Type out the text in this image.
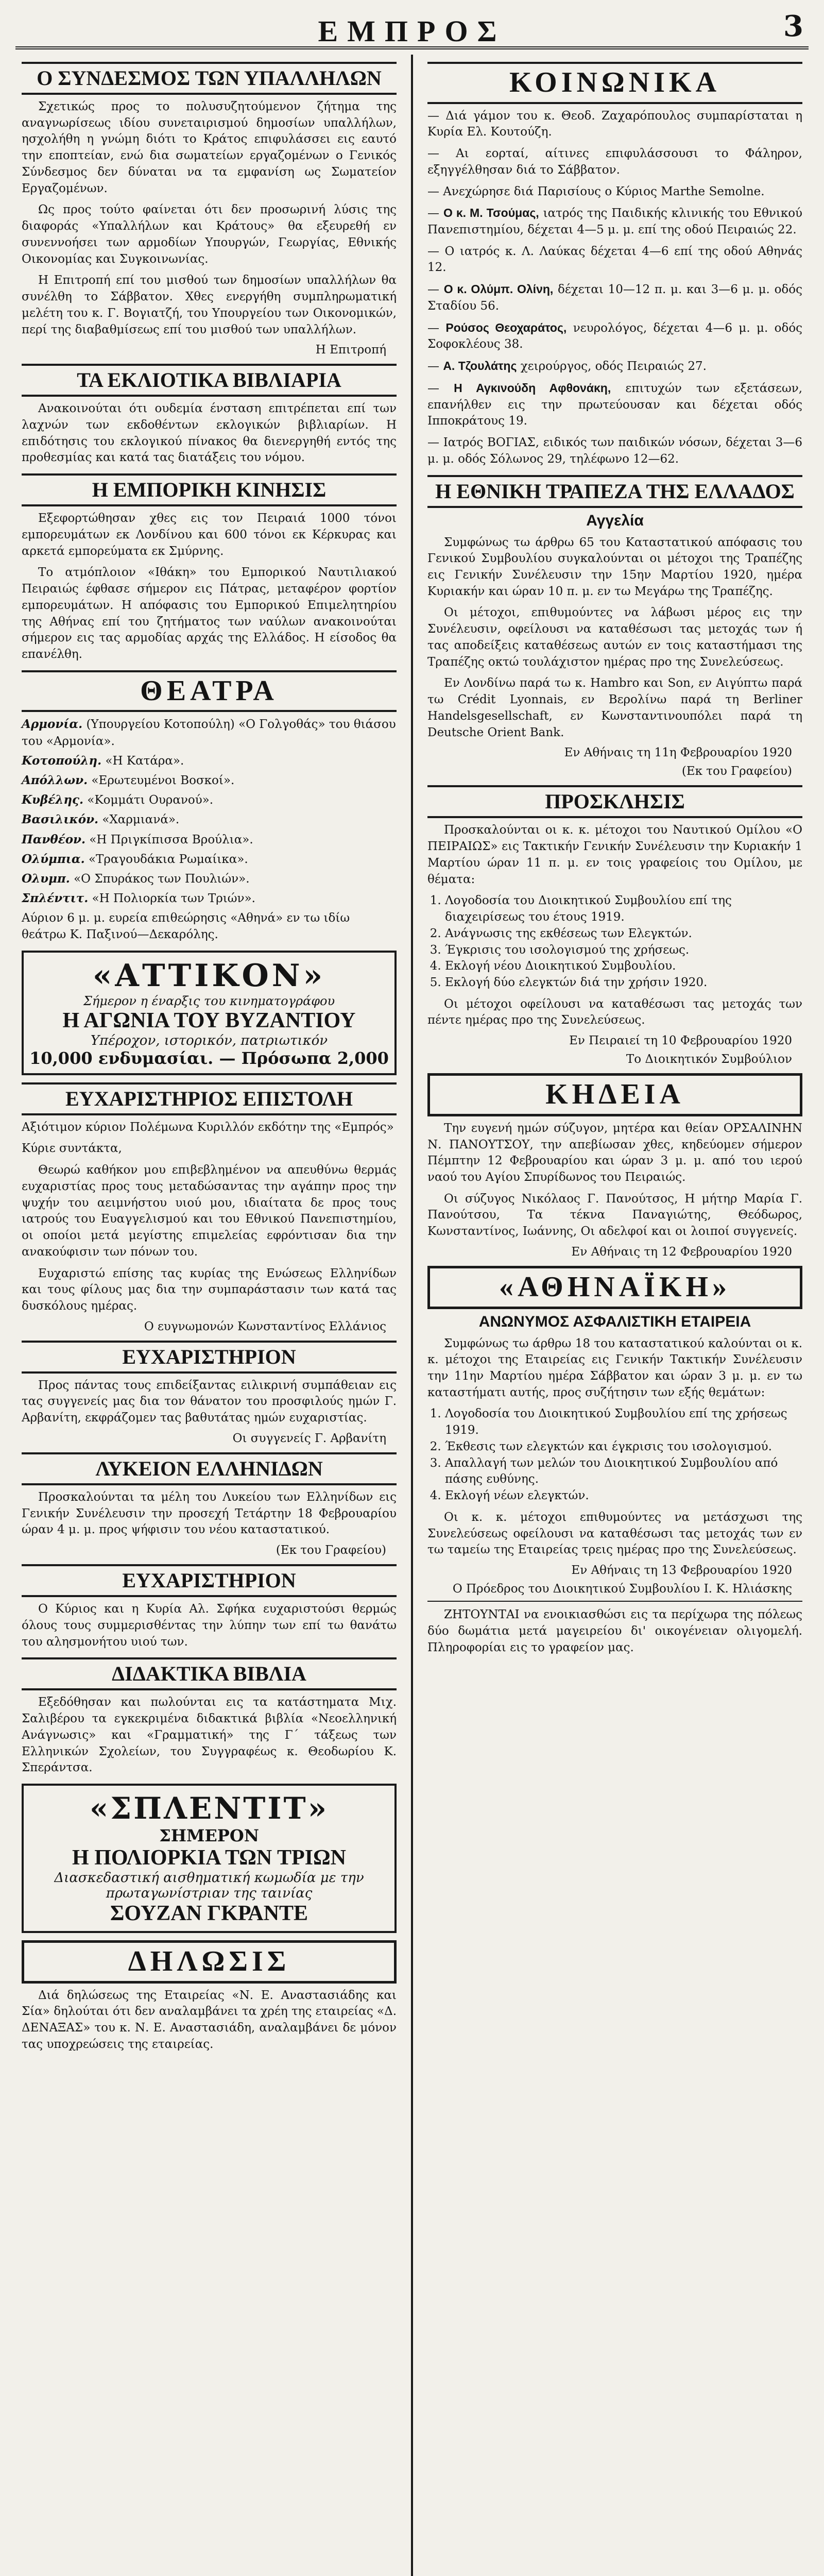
ΕΜΠΡΟΣ	3
Ο ΣΥΝΔΕΣΜΟΣ ΤΩΝ ΥΠΑΛΛΗΛΩΝ

Σχετικώς προς το πολυσυζητούμενον ζήτημα της αναγνωρίσεως ιδίου συνεταιρισμού δημοσίων υπαλλήλων, ησχολήθη η γνώμη διότι το Κράτος επιφυλάσσει εις εαυτό την εποπτείαν, ενώ δια σωματείων εργαζομένων ο Γενικός Σύνδεσμος δεν δύναται να τα εμφανίση ως Σωματείον Εργαζομένων.

Ως προς τούτο φαίνεται ότι δεν προσωρινή λύσις της διαφοράς «Υπαλλήλων και Κράτους» θα εξευρεθή εν συνεννοήσει των αρμοδίων Υπουργών, Γεωργίας, Εθνικής Οικονομίας και Συγκοινωνίας.

Η Επιτροπή επί του μισθού των δημοσίων υπαλλήλων θα συνέλθη το Σάββατον. Χθες ενεργήθη συμπληρωματική μελέτη του κ. Γ. Βογιατζή, του Υπουργείου των Οικονομικών, περί της διαβαθμίσεως επί του μισθού των υπαλλήλων.

Η Επιτροπή
ΤΑ ΕΚΛΙΟΤΙΚΑ ΒΙΒΛΙΑΡΙΑ

Ανακοινούται ότι ουδεμία ένσταση επιτρέπεται επί των λαχνών των εκδοθέντων εκλογικών βιβλιαρίων. Η επιδότησις του εκλογικού πίνακος θα διενεργηθή εντός της προθεσμίας και κατά τας διατάξεις του νόμου.

Η ΕΜΠΟΡΙΚΗ ΚΙΝΗΣΙΣ

Εξεφορτώθησαν χθες εις τον Πειραιά 1000 τόνοι εμπορευμάτων εκ Λονδίνου και 600 τόνοι εκ Κέρκυρας και αρκετά εμπορεύματα εκ Σμύρνης.

Το ατμόπλοιον «Ιθάκη» του Εμπορικού Ναυτιλιακού Πειραιώς έφθασε σήμερον εις Πάτρας, μεταφέρον φορτίον εμπορευμάτων. Η απόφασις του Εμπορικού Επιμελητηρίου της Αθήνας επί του ζητήματος των ναύλων ανακοινούται σήμερον εις τας αρμοδίας αρχάς της Ελλάδος. Η είσοδος θα επανέλθη.

ΘΕΑΤΡΑ
Αρμονία. (Υπουργείου Κοτοπούλη) «Ο Γολγοθάς» του θιάσου του «Αρμονία».
Κοτοπούλη. «Η Κατάρα».
Απόλλων. «Ερωτευμένοι Βοσκοί».
Κυβέλης. «Κομμάτι Ουρανού».
Βασιλικόν. «Χαρμιανά».
Πανθέον. «Η Πριγκίπισσα Βρούλια».
Ολύμπια. «Τραγουδάκια Ρωμαίικα».
Ολυμπ. «Ο Σπυράκος των Πουλιών».
Σπλέντιτ. «Η Πολιορκία των Τριών».
Αύριον 6 μ. μ. ευρεία επιθεώρησις «Αθηνά» εν τω ιδίω θεάτρω Κ. Παξινού—Δεκαρόλης.
«ΑΤΤΙΚΟΝ»
Σήμερον η έναρξις του κινηματογράφου
Η ΑΓΩΝΙΑ ΤΟΥ ΒΥΖΑΝΤΙΟΥ
Υπέροχον, ιστορικόν, πατριωτικόν
10,000 ενδυμασίαι. — Πρόσωπα 2,000
ΕΥΧΑΡΙΣΤΗΡΙΟΣ ΕΠΙΣΤΟΛΗ

Αξιότιμον κύριον Πολέμωνα Κυριλλόν εκδότην της «Εμπρός»

Κύριε συντάκτα,

Θεωρώ καθήκον μου επιβεβλημένον να απευθύνω θερμάς ευχαριστίας προς τους μεταδώσαντας την αγάπην προς την ψυχήν του αειμνήστου υιού μου, ιδιαίτατα δε προς τους ιατρούς του Ευαγγελισμού και του Εθνικού Πανεπιστημίου, οι οποίοι μετά μεγίστης επιμελείας εφρόντισαν δια την ανακούφισιν των πόνων του.

Ευχαριστώ επίσης τας κυρίας της Ενώσεως Ελληνίδων και τους φίλους μας δια την συμπαράστασιν των κατά τας δυσκόλους ημέρας.

Ο ευγνωμονών Κωνσταντίνος Ελλάνιος
ΕΥΧΑΡΙΣΤΗΡΙΟΝ

Προς πάντας τους επιδείξαντας ειλικρινή συμπάθειαν εις τας συγγενείς μας δια τον θάνατον του προσφιλούς ημών Γ. Αρβανίτη, εκφράζομεν τας βαθυτάτας ημών ευχαριστίας.

Οι συγγενείς Γ. Αρβανίτη
ΛΥΚΕΙΟΝ ΕΛΛΗΝΙΔΩΝ

Προσκαλούνται τα μέλη του Λυκείου των Ελληνίδων εις Γενικήν Συνέλευσιν την προσεχή Τετάρτην 18 Φεβρουαρίου ώραν 4 μ. μ. προς ψήφισιν του νέου καταστατικού.

(Εκ του Γραφείου)
ΕΥΧΑΡΙΣΤΗΡΙΟΝ

Ο Κύριος και η Κυρία Αλ. Σφήκα ευχαριστούσι θερμώς όλους τους συμμερισθέντας την λύπην των επί τω θανάτω του αλησμονήτου υιού των.

ΔΙΔΑΚΤΙΚΑ ΒΙΒΛΙΑ

Εξεδόθησαν και πωλούνται εις τα κατάστηματα Μιχ. Σαλιβέρου τα εγκεκριμένα διδακτικά βιβλία «Νεοελληνική Ανάγνωσις» και «Γραμματική» της Γ΄ τάξεως των Ελληνικών Σχολείων, του Συγγραφέως κ. Θεοδωρίου Κ. Σπεράντσα.

«ΣΠΛΕΝΤΙΤ»
ΣΗΜΕΡΟΝ
Η ΠΟΛΙΟΡΚΙΑ ΤΩΝ ΤΡΙΩΝ
Διασκεδαστική αισθηματική κωμωδία με την πρωταγωνίστριαν της ταινίας
ΣΟΥΖΑΝ ΓΚΡΑΝΤΕ
ΔΗΛΩΣΙΣ

Διά δηλώσεως της Εταιρείας «Ν. Ε. Αναστασιάδης και Σία» δηλούται ότι δεν αναλαμβάνει τα χρέη της εταιρείας «Δ. ΔΕΝΑΞΑΣ» του κ. Ν. Ε. Αναστασιάδη, αναλαμβάνει δε μόνον τας υποχρεώσεις της εταιρείας.

ΚΟΙΝΩΝΙΚΑ
— Διά γάμον του κ. Θεοδ. Ζαχαρόπουλος συμπαρίσταται η Κυρία Ελ. Κουτούζη.
— Αι εορταί, αίτινες επιφυλάσσουσι το Φάληρον, εξηγγέλθησαν διά το Σάββατον.
— Ανεχώρησε διά Παρισίους ο Κύριος Marthe Semolne.
— Ο κ. Μ. Τσούμας, ιατρός της Παιδικής κλινικής του Εθνικού Πανεπιστημίου, δέχεται 4—5 μ. μ. επί της οδού Πειραιώς 22.
— Ο ιατρός κ. Λ. Λαύκας δέχεται 4—6 επί της οδού Αθηνάς 12.
— Ο κ. Ολύμπ. Ολίνη, δέχεται 10—12 π. μ. και 3—6 μ. μ. οδός Σταδίου 56.
— Ρούσος Θεοχαράτος, νευρολόγος, δέχεται 4—6 μ. μ. οδός Σοφοκλέους 38.
— Α. Τζουλάτης χειρούργος, οδός Πειραιώς 27.
— Η Αγκινούδη Αφθονάκη, επιτυχών των εξετάσεων, επανήλθεν εις την πρωτεύουσαν και δέχεται οδός Ιπποκράτους 19.
— Ιατρός ΒΟΓΙΑΣ, ειδικός των παιδικών νόσων, δέχεται 3—6 μ. μ. οδός Σόλωνος 29, τηλέφωνο 12—62.
Η ΕΘΝΙΚΗ ΤΡΑΠΕΖΑ ΤΗΣ ΕΛΛΑΔΟΣ
Αγγελία

Συμφώνως τω άρθρω 65 του Καταστατικού απόφασις του Γενικού Συμβουλίου συγκαλούνται οι μέτοχοι της Τραπέζης εις Γενικήν Συνέλευσιν την 15ην Μαρτίου 1920, ημέρα Κυριακήν και ώραν 10 π. μ. εν τω Μεγάρω της Τραπέζης.

Οι μέτοχοι, επιθυμούντες να λάβωσι μέρος εις την Συνέλευσιν, οφείλουσι να καταθέσωσι τας μετοχάς των ή τας αποδείξεις καταθέσεως αυτών εν τοις καταστήμασι της Τραπέζης οκτώ τουλάχιστον ημέρας προ της Συνελεύσεως.

Εν Λονδίνω παρά τω κ. Hambro και Son, εν Αιγύπτω παρά τω Crédit Lyonnais, εν Βερολίνω παρά τη Berliner Handelsgesellschaft, εν Κωνσταντινουπόλει παρά τη Deutsche Orient Bank.

Εν Αθήναις τη 11η Φεβρουαρίου 1920
(Εκ του Γραφείου)
ΠΡΟΣΚΛΗΣΙΣ

Προσκαλούνται οι κ. κ. μέτοχοι του Ναυτικού Ομίλου «Ο ΠΕΙΡΑΙΩΣ» εις Τακτικήν Γενικήν Συνέλευσιν την Κυριακήν 1 Μαρτίου ώραν 11 π. μ. εν τοις γραφείοις του Ομίλου, με θέματα:

1. Λογοδοσία του Διοικητικού Συμβουλίου επί της διαχειρίσεως του έτους 1919.
2. Ανάγνωσις της εκθέσεως των Ελεγκτών.
3. Έγκρισις του ισολογισμού της χρήσεως.
4. Εκλογή νέου Διοικητικού Συμβουλίου.
5. Εκλογή δύο ελεγκτών διά την χρήσιν 1920.

Οι μέτοχοι οφείλουσι να καταθέσωσι τας μετοχάς των πέντε ημέρας προ της Συνελεύσεως.

Εν Πειραιεί τη 10 Φεβρουαρίου 1920
Το Διοικητικόν Συμβούλιον
ΚΗΔΕΙΑ

Την ευγενή ημών σύζυγον, μητέρα και θείαν ΟΡΣΑΛΙΝΗΝ Ν. ΠΑΝΟΥΤΣΟΥ, την απεβίωσαν χθες, κηδεύομεν σήμερον Πέμπτην 12 Φεβρουαρίου και ώραν 3 μ. μ. από του ιερού ναού του Αγίου Σπυρίδωνος του Πειραιώς.

Οι σύζυγος Νικόλαος Γ. Πανούτσος, Η μήτηρ Μαρία Γ. Πανούτσου, Τα τέκνα Παναγιώτης, Θεόδωρος, Κωνσταντίνος, Ιωάννης, Οι αδελφοί και οι λοιποί συγγενείς.

Εν Αθήναις τη 12 Φεβρουαρίου 1920
«ΑΘΗΝΑΪΚΗ»
ΑΝΩΝΥΜΟΣ ΑΣΦΑΛΙΣΤΙΚΗ ΕΤΑΙΡΕΙΑ

Συμφώνως τω άρθρω 18 του καταστατικού καλούνται οι κ. κ. μέτοχοι της Εταιρείας εις Γενικήν Τακτικήν Συνέλευσιν την 11ην Μαρτίου ημέρα Σάββατον και ώραν 3 μ. μ. εν τω καταστήματι αυτής, προς συζήτησιν των εξής θεμάτων:

1. Λογοδοσία του Διοικητικού Συμβουλίου επί της χρήσεως 1919.
2. Έκθεσις των ελεγκτών και έγκρισις του ισολογισμού.
3. Απαλλαγή των μελών του Διοικητικού Συμβουλίου από πάσης ευθύνης.
4. Εκλογή νέων ελεγκτών.

Οι κ. κ. μέτοχοι επιθυμούντες να μετάσχωσι της Συνελεύσεως οφείλουσι να καταθέσωσι τας μετοχάς των εν τω ταμείω της Εταιρείας τρεις ημέρας προ της Συνελεύσεως.

Εν Αθήναις τη 13 Φεβρουαρίου 1920
Ο Πρόεδρος του Διοικητικού Συμβουλίου Ι. Κ. Ηλιάσκης

ΖΗΤΟΥΝΤΑΙ να ενοικιασθώσι εις τα περίχωρα της πόλεως δύο δωμάτια μετά μαγειρείου δι' οικογένειαν ολιγομελή. Πληροφορίαι εις το γραφείον μας.
